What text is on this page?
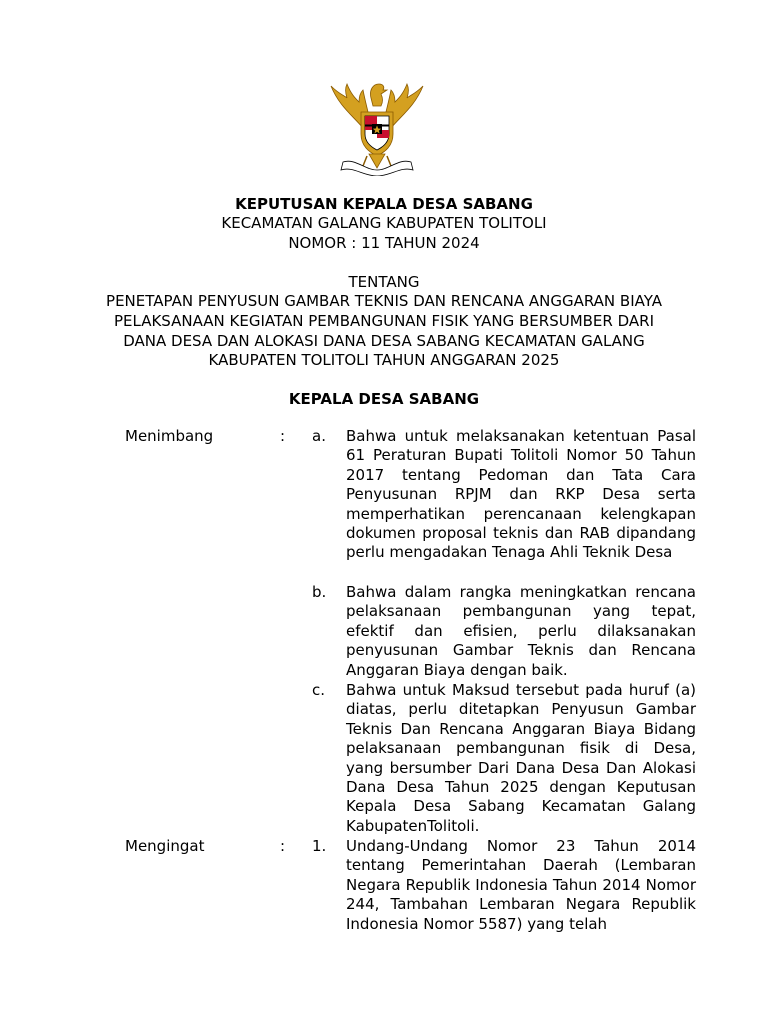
KEPUTUSAN KEPALA DESA SABANG
KECAMATAN GALANG KABUPATEN TOLITOLI
NOMOR : 11 TAHUN 2024
TENTANG
PENETAPAN PENYUSUN GAMBAR TEKNIS DAN RENCANA ANGGARAN BIAYA
PELAKSANAAN KEGIATAN PEMBANGUNAN FISIK YANG BERSUMBER DARI
DANA DESA DAN ALOKASI DANA DESA SABANG KECAMATAN GALANG
KABUPATEN TOLITOLI TAHUN ANGGARAN 2025
KEPALA DESA SABANG
Menimbang	: a. Bahwa untuk melaksanakan ketentuan Pasal 61 Peraturan Bupati Tolitoli Nomor 50 Tahun 2017 tentang Pedoman dan Tata Cara Penyusunan RPJM dan RKP Desa serta memperhatikan perencanaan kelengkapan dokumen proposal teknis dan RAB dipandang perlu mengadakan Tenaga Ahli Teknik Desa
b. Bahwa dalam rangka meningkatkan rencana pelaksanaan pembangunan yang tepat, efektif dan efisien, perlu dilaksanakan penyusunan Gambar Teknis dan Rencana Anggaran Biaya dengan baik.
c. Bahwa untuk Maksud tersebut pada huruf (a) diatas, perlu ditetapkan Penyusun Gambar Teknis Dan Rencana Anggaran Biaya Bidang pelaksanaan pembangunan fisik di Desa, yang bersumber Dari Dana Desa Dan Alokasi Dana Desa Tahun 2025 dengan Keputusan Kepala Desa Sabang Kecamatan Galang KabupatenTolitoli.
Mengingat	: 1. Undang-Undang Nomor 23 Tahun 2014 tentang Pemerintahan Daerah (Lembaran Negara Republik Indonesia Tahun 2014 Nomor 244, Tambahan Lembaran Negara Republik Indonesia Nomor 5587) yang telah
